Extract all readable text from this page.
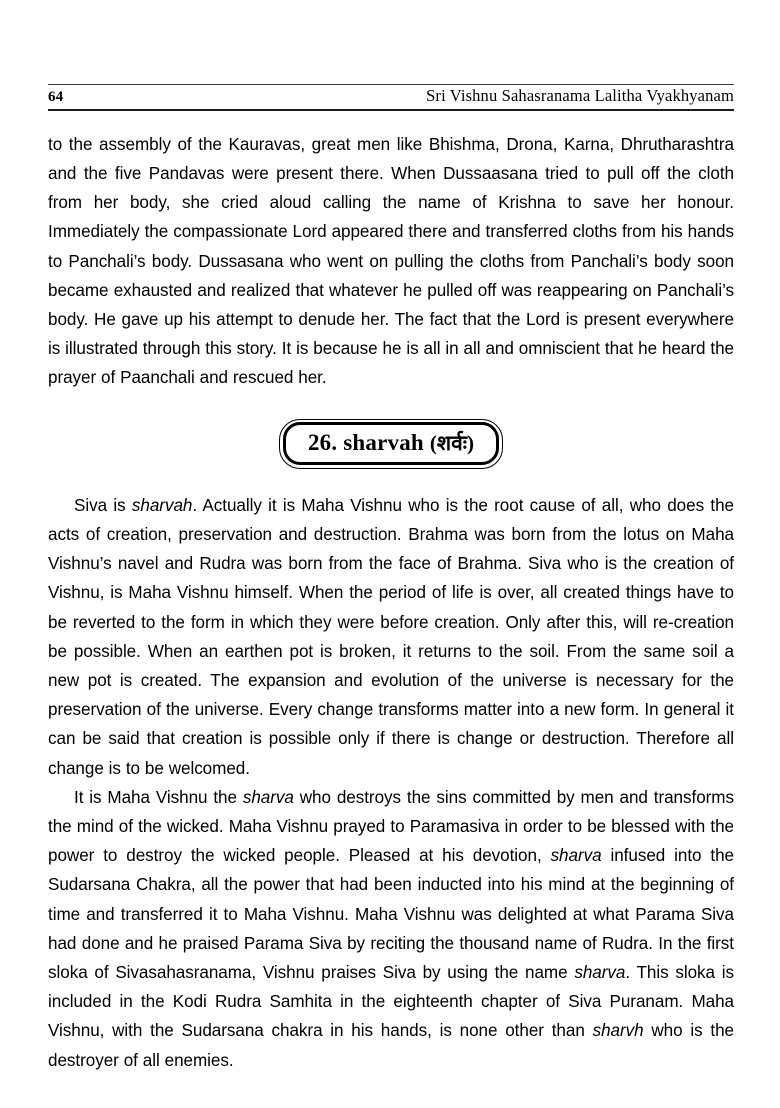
64	Sri Vishnu Sahasranama Lalitha Vyakhyanam

to the assembly of the Kauravas, great men like Bhishma, Drona, Karna, Dhrutharashtra and the five Pandavas were present there. When Dussaasana tried to pull off the cloth from her body, she cried aloud calling the name of Krishna to save her honour. Immediately the compassionate Lord appeared there and transferred cloths from his hands to Panchali’s body. Dussasana who went on pulling the cloths from Panchali’s body soon became exhausted and realized that whatever he pulled off was reappearing on Panchali’s body. He gave up his attempt to denude her. The fact that the Lord is present everywhere is illustrated through this story. It is because he is all in all and omniscient that he heard the prayer of Paanchali and rescued her.

26. sharvah (शर्वः)

Siva is sharvah. Actually it is Maha Vishnu who is the root cause of all, who does the acts of creation, preservation and destruction. Brahma was born from the lotus on Maha Vishnu’s navel and Rudra was born from the face of Brahma. Siva who is the creation of Vishnu, is Maha Vishnu himself. When the period of life is over, all created things have to be reverted to the form in which they were before creation. Only after this, will re-creation be possible. When an earthen pot is broken, it returns to the soil. From the same soil a new pot is created. The expansion and evolution of the universe is necessary for the preservation of the universe. Every change transforms matter into a new form. In general it can be said that creation is possible only if there is change or destruction. Therefore all change is to be welcomed.

It is Maha Vishnu the sharva who destroys the sins committed by men and transforms the mind of the wicked. Maha Vishnu prayed to Paramasiva in order to be blessed with the power to destroy the wicked people. Pleased at his devotion, sharva infused into the Sudarsana Chakra, all the power that had been inducted into his mind at the beginning of time and transferred it to Maha Vishnu. Maha Vishnu was delighted at what Parama Siva had done and he praised Parama Siva by reciting the thousand name of Rudra. In the first sloka of Sivasahasranama, Vishnu praises Siva by using the name sharva. This sloka is included in the Kodi Rudra Samhita in the eighteenth chapter of Siva Puranam. Maha Vishnu, with the Sudarsana chakra in his hands, is none other than sharvh who is the destroyer of all enemies.
